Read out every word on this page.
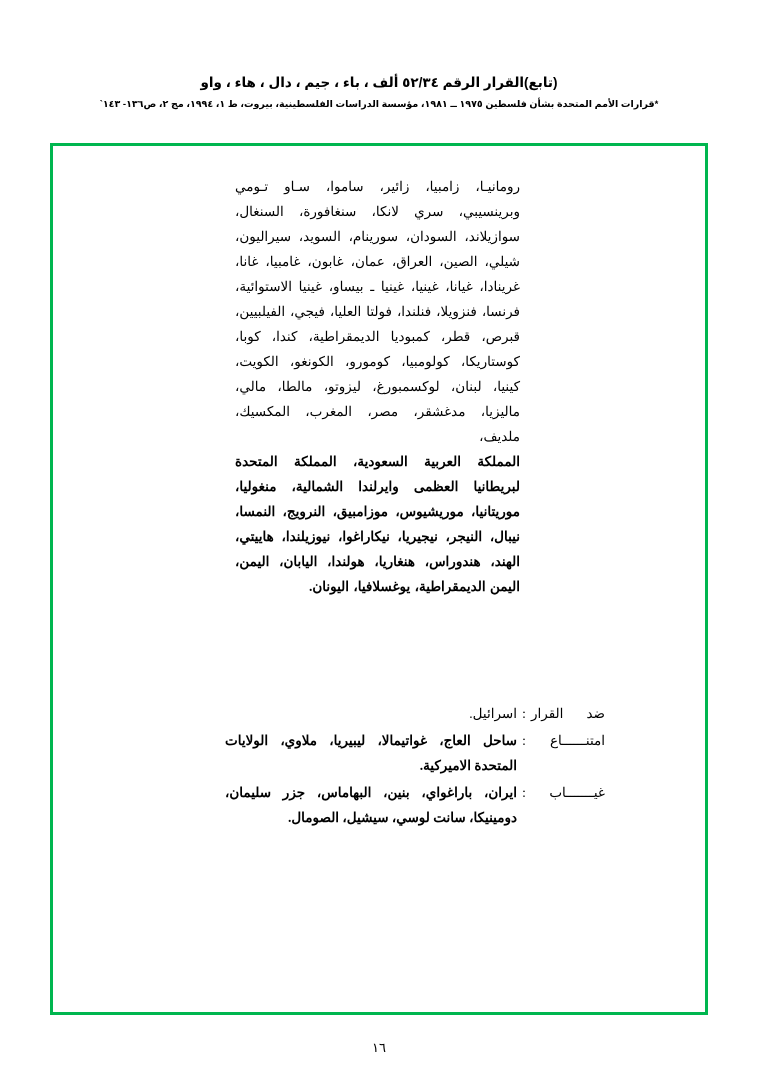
(تابع)القرار الرقم ٥٢/٣٤ ألف ، باء ، جيم ، دال ، هاء ، واو
*قرارات الأمم المتحدة بشأن فلسطين ١٩٧٥ ــ ١٩٨١، مؤسسة الدراسات الفلسطينية، بيروت، ط ١، ١٩٩٤، مج ٢، ص١٣٦- ١٤٣`

رومانيـا، زامبيا، زائير، ساموا، سـاو تـومي وبرينسيبي، سري لانكا، سنغافورة، السنغال، سوازيلاند، السودان، سورينام، السويد، سيراليون، شيلي، الصين، العراق، عمان، غابون، غامبيا، غانا، غرينادا، غيانا، غينيا، غينيا ـ بيساو، غينيا الاستوائية، فرنسا، فنزويلا، فنلندا، فولتا العليا، فيجي، الفيلبيين، قبرص، قطر، كمبوديا الديمقراطية، كندا، كوبا، كوستاريكا، كولومبيا، كومورو، الكونغو، الكويت، كينيا، لبنان، لوكسمبورغ، ليزوتو، مالطا، مالي، ماليزيا، مدغشقر، مصر، المغرب، المكسيك، ملديف،

المملكة العربية السعودية، المملكة المتحدة لبريطانيا العظمى وايرلندا الشمالية، منغوليا، موريتانيا، موريشيوس، موزامبيق، النرويج، النمسا، نيبال، النيجر، نيجيريا، نيكاراغوا، نيوزيلندا، هاييتي، الهند، هندوراس، هنغاريا، هولندا، اليابان، اليمن، اليمن الديمقراطية، يوغسلافيا، اليونان.

ضد القرار
:
اسرائيل.
امتنــــــاع
:
ساحل العاج، غواتيمالا، ليبيريا، ملاوي، الولايات المتحدة الاميركية.
غيـــــــاب
:
ايران، باراغواي، بنين، البهاماس، جزر سليمان، دومينيكا، سانت لوسي، سيشيل، الصومال.
١٦
